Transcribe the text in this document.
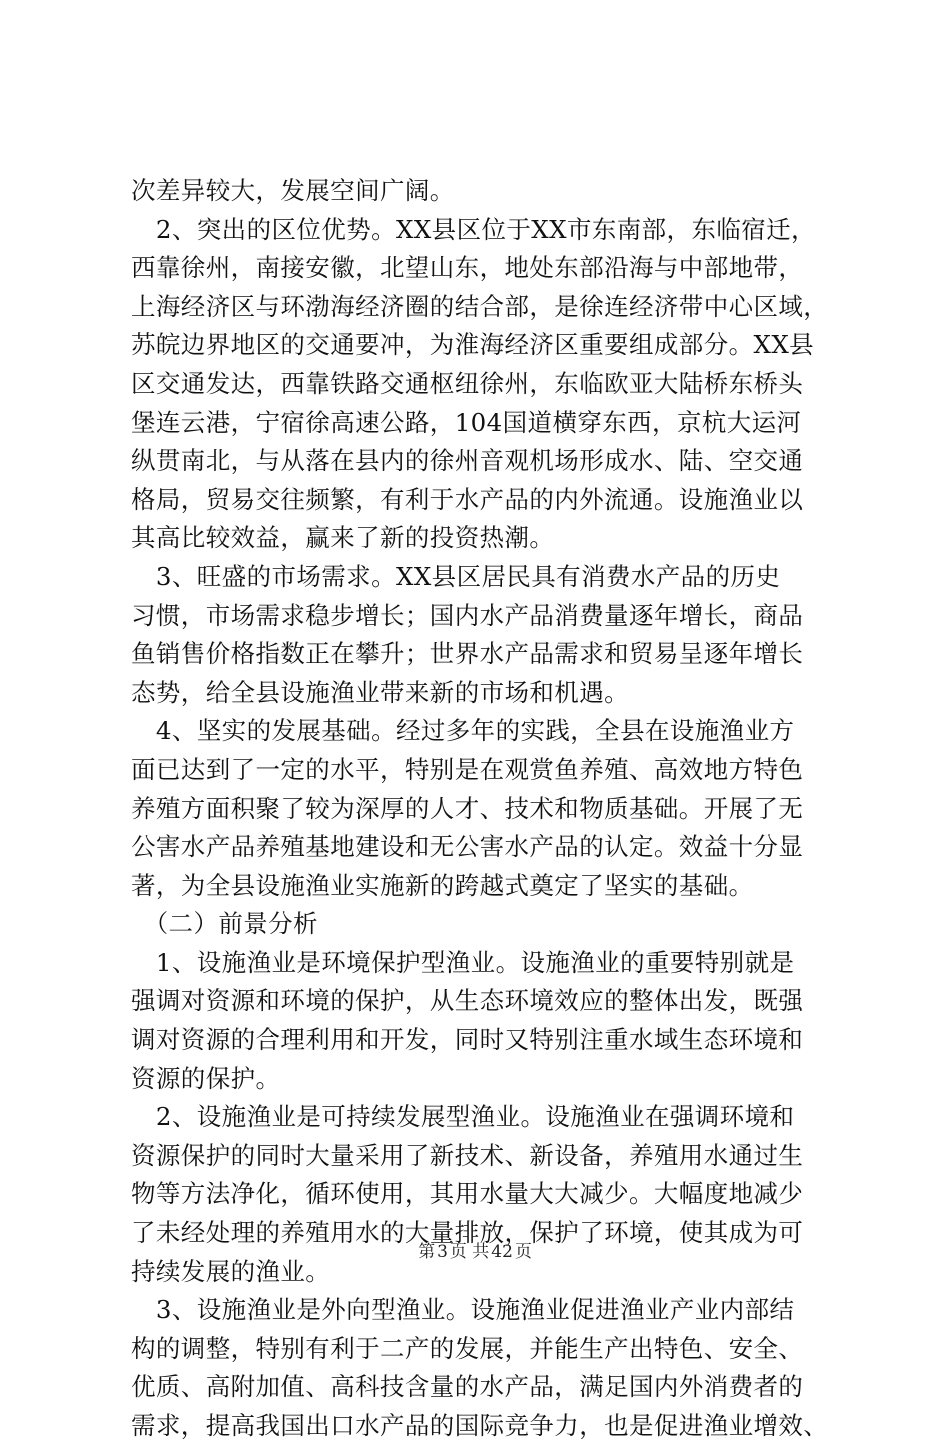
次差异较大，发展空间广阔。
　2、突出的区位优势。XX县区位于XX市东南部，东临宿迁，
西靠徐州，南接安徽，北望山东，地处东部沿海与中部地带，
上海经济区与环渤海经济圈的结合部，是徐连经济带中心区域，
苏皖边界地区的交通要冲，为淮海经济区重要组成部分。XX县
区交通发达，西靠铁路交通枢纽徐州，东临欧亚大陆桥东桥头
堡连云港，宁宿徐高速公路，104国道横穿东西，京杭大运河
纵贯南北，与从落在县内的徐州音观机场形成水、陆、空交通
格局，贸易交往频繁，有利于水产品的内外流通。设施渔业以
其高比较效益，赢来了新的投资热潮。
　3、旺盛的市场需求。XX县区居民具有消费水产品的历史
习惯，市场需求稳步增长；国内水产品消费量逐年增长，商品
鱼销售价格指数正在攀升；世界水产品需求和贸易呈逐年增长
态势，给全县设施渔业带来新的市场和机遇。
　4、坚实的发展基础。经过多年的实践，全县在设施渔业方
面已达到了一定的水平，特别是在观赏鱼养殖、高效地方特色
养殖方面积聚了较为深厚的人才、技术和物质基础。开展了无
公害水产品养殖基地建设和无公害水产品的认定。效益十分显
著，为全县设施渔业实施新的跨越式奠定了坚实的基础。
　（二）前景分析
　1、设施渔业是环境保护型渔业。设施渔业的重要特别就是
强调对资源和环境的保护，从生态环境效应的整体出发，既强
调对资源的合理利用和开发，同时又特别注重水域生态环境和
资源的保护。
　2、设施渔业是可持续发展型渔业。设施渔业在强调环境和
资源保护的同时大量采用了新技术、新设备，养殖用水通过生
物等方法净化，循环使用，其用水量大大减少。大幅度地减少
了未经处理的养殖用水的大量排放，保护了环境，使其成为可
持续发展的渔业。
　3、设施渔业是外向型渔业。设施渔业促进渔业产业内部结
构的调整，特别有利于二产的发展，并能生产出特色、安全、
优质、高附加值、高科技含量的水产品，满足国内外消费者的
需求，提高我国出口水产品的国际竞争力，也是促进渔业增效、
第 3 页 共 42 页
